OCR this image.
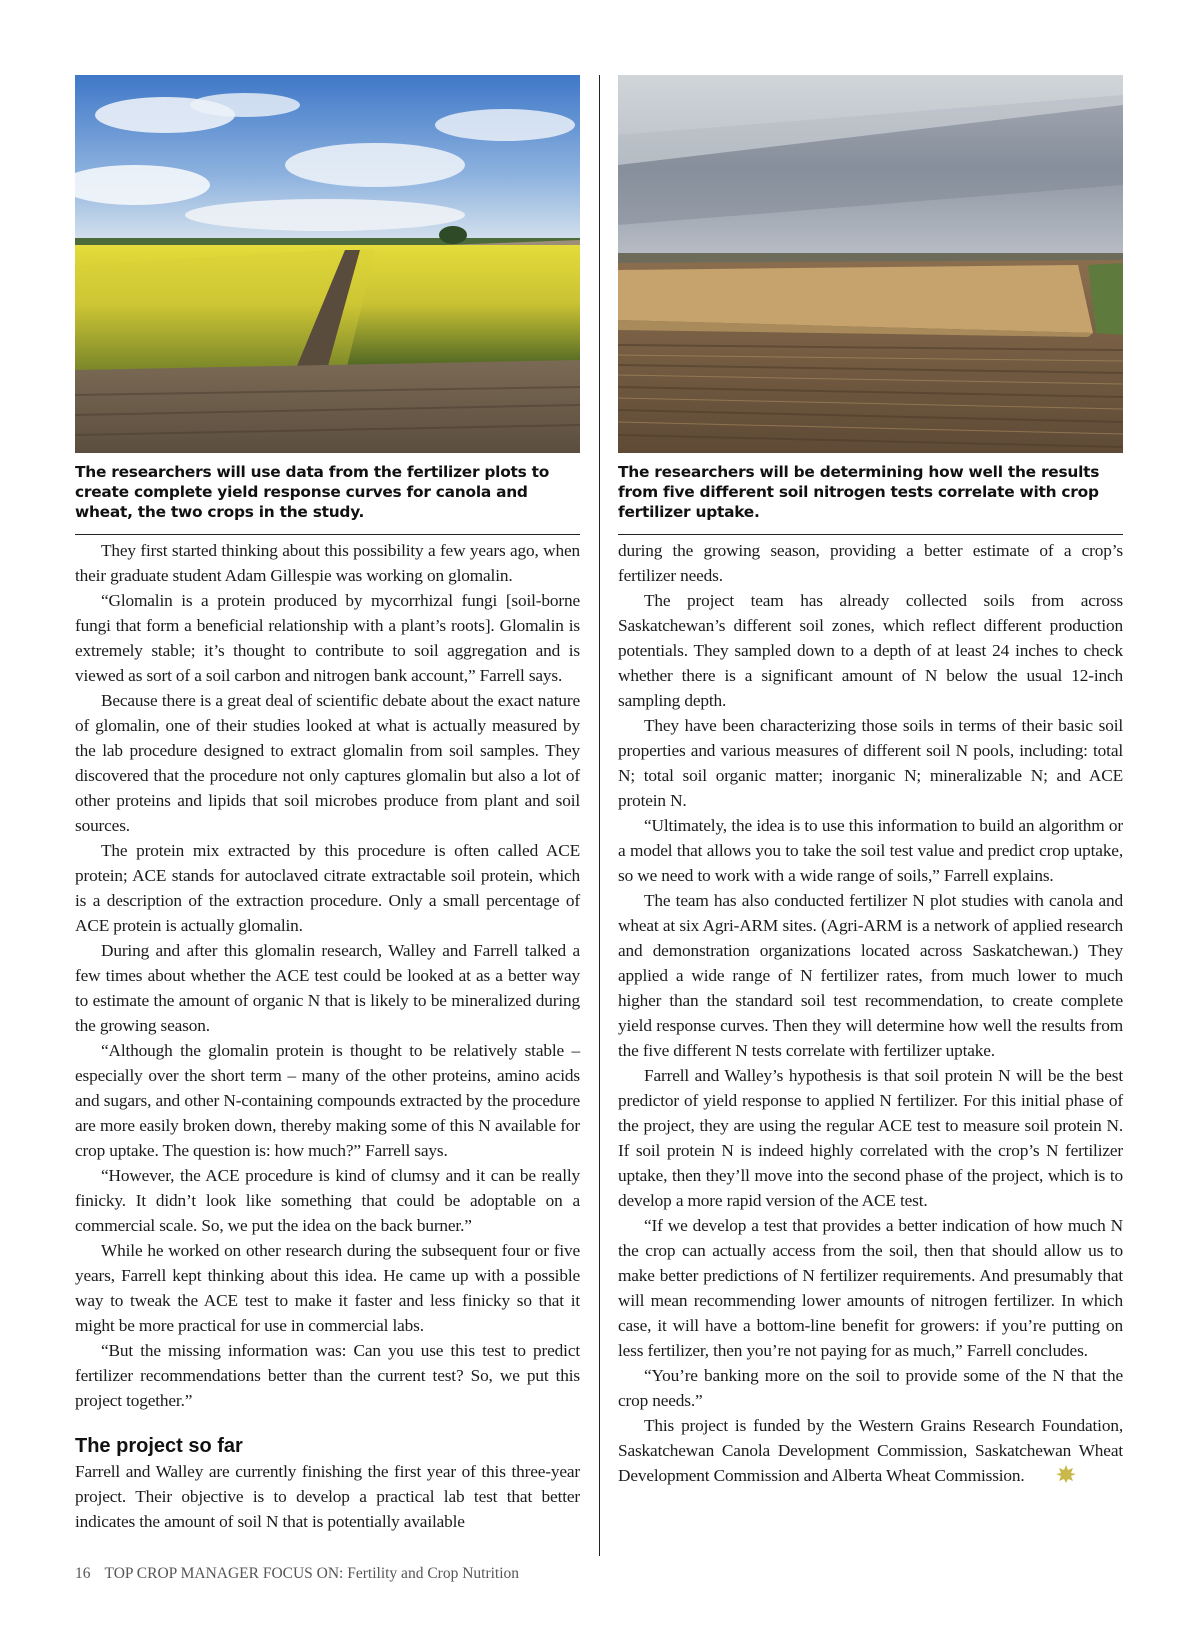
The researchers will use data from the fertilizer plots to create complete yield response curves for canola and wheat, the two crops in the study.

They first started thinking about this possibility a few years ago, when their graduate student Adam Gillespie was working on glomalin.

“Glomalin is a protein produced by mycorrhizal fungi [soil-borne fungi that form a beneficial relationship with a plant’s roots]. Glomalin is extremely stable; it’s thought to contribute to soil aggregation and is viewed as sort of a soil carbon and nitrogen bank account,” Farrell says.

Because there is a great deal of scientific debate about the exact nature of glomalin, one of their studies looked at what is actually measured by the lab procedure designed to extract glomalin from soil samples. They discovered that the procedure not only captures glomalin but also a lot of other proteins and lipids that soil microbes produce from plant and soil sources.

The protein mix extracted by this procedure is often called ACE protein; ACE stands for autoclaved citrate extractable soil protein, which is a description of the extraction procedure. Only a small percentage of ACE protein is actually glomalin.

During and after this glomalin research, Walley and Farrell talked a few times about whether the ACE test could be looked at as a better way to estimate the amount of organic N that is likely to be mineralized during the growing season.

“Although the glomalin protein is thought to be relatively stable – especially over the short term – many of the other proteins, amino acids and sugars, and other N-containing compounds extracted by the procedure are more easily broken down, thereby making some of this N available for crop uptake. The question is: how much?” Farrell says.

“However, the ACE procedure is kind of clumsy and it can be really finicky. It didn’t look like something that could be adoptable on a commercial scale. So, we put the idea on the back burner.”

While he worked on other research during the subsequent four or five years, Farrell kept thinking about this idea. He came up with a possible way to tweak the ACE test to make it faster and less finicky so that it might be more practical for use in commercial labs.

“But the missing information was: Can you use this test to predict fertilizer recommendations better than the current test? So, we put this project together.”

The project so far

Farrell and Walley are currently finishing the first year of this three-year project. Their objective is to develop a practical lab test that better indicates the amount of soil N that is potentially available

The researchers will be determining how well the results from five different soil nitrogen tests correlate with crop fertilizer uptake.

during the growing season, providing a better estimate of a crop’s fertilizer needs.

The project team has already collected soils from across Saskatchewan’s different soil zones, which reflect different production potentials. They sampled down to a depth of at least 24 inches to check whether there is a significant amount of N below the usual 12-inch sampling depth.

They have been characterizing those soils in terms of their basic soil properties and various measures of different soil N pools, including: total N; total soil organic matter; inorganic N; mineralizable N; and ACE protein N.

“Ultimately, the idea is to use this information to build an algorithm or a model that allows you to take the soil test value and predict crop uptake, so we need to work with a wide range of soils,” Farrell explains.

The team has also conducted fertilizer N plot studies with canola and wheat at six Agri-ARM sites. (Agri-ARM is a network of applied research and demonstration organizations located across Saskatchewan.) They applied a wide range of N fertilizer rates, from much lower to much higher than the standard soil test recommendation, to create complete yield response curves. Then they will determine how well the results from the five different N tests correlate with fertilizer uptake.

Farrell and Walley’s hypothesis is that soil protein N will be the best predictor of yield response to applied N fertilizer. For this initial phase of the project, they are using the regular ACE test to measure soil protein N. If soil protein N is indeed highly correlated with the crop’s N fertilizer uptake, then they’ll move into the second phase of the project, which is to develop a more rapid version of the ACE test.

“If we develop a test that provides a better indication of how much N the crop can actually access from the soil, then that should allow us to make better predictions of N fertilizer requirements. And presumably that will mean recommending lower amounts of nitrogen fertilizer. In which case, it will have a bottom-line benefit for growers: if you’re putting on less fertilizer, then you’re not paying for as much,” Farrell concludes.

“You’re banking more on the soil to provide some of the N that the crop needs.”

This project is funded by the Western Grains Research Foundation, Saskatchewan Canola Development Commission, Saskatchewan Wheat Development Commission and Alberta Wheat Commission.

16 TOP CROP MANAGER FOCUS ON: Fertility and Crop Nutrition
